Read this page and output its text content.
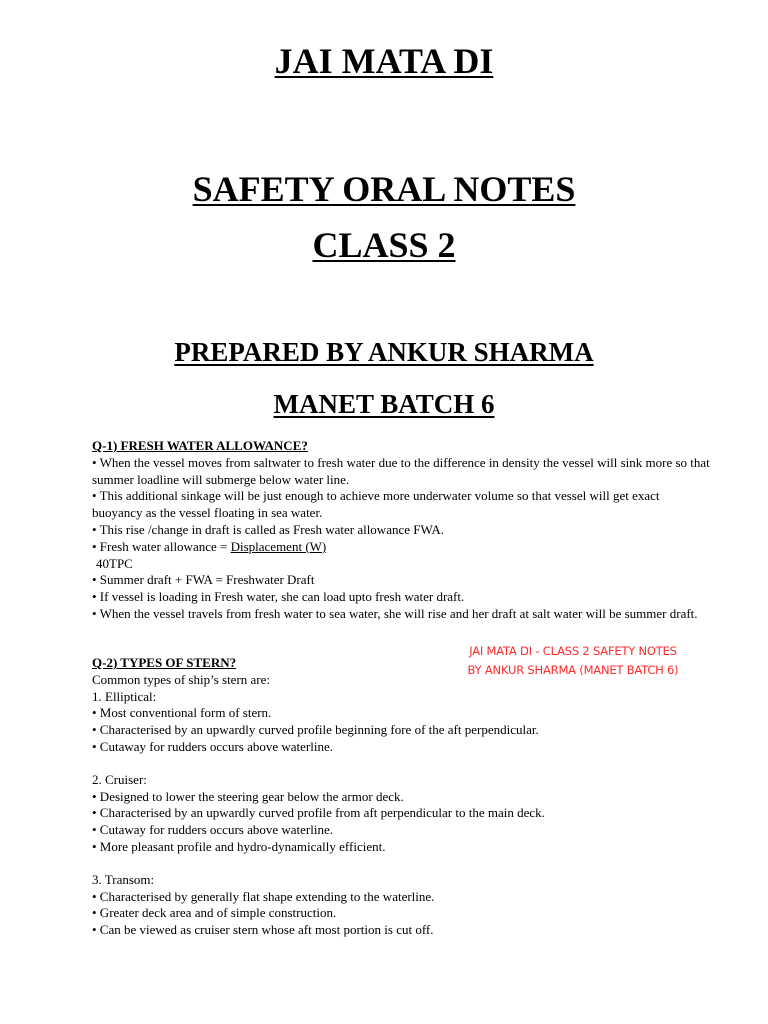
JAI MATA DI
SAFETY ORAL NOTES
CLASS 2
PREPARED BY ANKUR SHARMA
MANET BATCH 6

Q-1) FRESH WATER ALLOWANCE?

• When the vessel moves from saltwater to fresh water due to the difference in density the vessel will sink more so that summer loadline will submerge below water line.

• This additional sinkage will be just enough to achieve more underwater volume so that vessel will get exact buoyancy as the vessel floating in sea water.

• This rise /change in draft is called as Fresh water allowance FWA.

• Fresh water allowance = Displacement (W)

40TPC

• Summer draft + FWA = Freshwater Draft

• If vessel is loading in Fresh water, she can load upto fresh water draft.

• When the vessel travels from fresh water to sea water, she will rise and her draft at salt water will be summer draft.

JAI MATA DI - CLASS 2 SAFETY NOTES
BY ANKUR SHARMA (MANET BATCH 6)

Q-2) TYPES OF STERN?

Common types of ship’s stern are:

1. Elliptical:

• Most conventional form of stern.

• Characterised by an upwardly curved profile beginning fore of the aft perpendicular.

• Cutaway for rudders occurs above waterline.

2. Cruiser:

• Designed to lower the steering gear below the armor deck.

• Characterised by an upwardly curved profile from aft perpendicular to the main deck.

• Cutaway for rudders occurs above waterline.

• More pleasant profile and hydro-dynamically efficient.

3. Transom:

• Characterised by generally flat shape extending to the waterline.

• Greater deck area and of simple construction.

• Can be viewed as cruiser stern whose aft most portion is cut off.
